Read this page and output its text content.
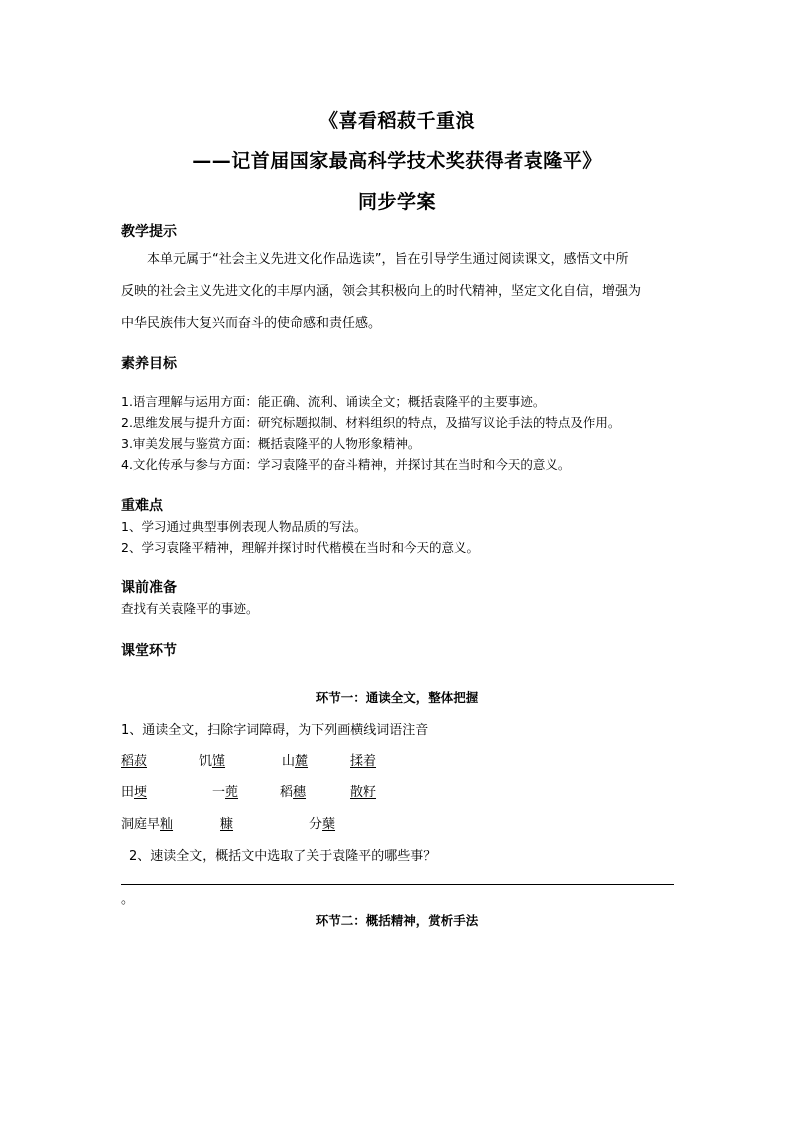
《喜看稻菽千重浪
——记首届国家最高科学技术奖获得者袁隆平》
同步学案
教学提示
本单元属于“社会主义先进文化作品选读”，旨在引导学生通过阅读课文，感悟文中所
反映的社会主义先进文化的丰厚内涵，领会其积极向上的时代精神，坚定文化自信，增强为
中华民族伟大复兴而奋斗的使命感和责任感。
素养目标
1.语言理解与运用方面：能正确、流利、诵读全文；概括袁隆平的主要事迹。
2.思维发展与提升方面：研究标题拟制、材料组织的特点，及描写议论手法的特点及作用。
3.审美发展与鉴赏方面：概括袁隆平的人物形象精神。
4.文化传承与参与方面：学习袁隆平的奋斗精神，并探讨其在当时和今天的意义。
重难点
1、学习通过典型事例表现人物品质的写法。
2、学习袁隆平精神，理解并探讨时代楷模在当时和今天的意义。
课前准备
查找有关袁隆平的事迹。
课堂环节
环节一：通读全文，整体把握
1、通读全文，扫除字词障碍，为下列画横线词语注音
稻菽	饥馑	山麓	揉着
田埂	一蔸	稻穗	散籽
洞庭早籼	糠	分蘖
2、速读全文，概括文中选取了关于袁隆平的哪些事？
。
环节二：概括精神，赏析手法
